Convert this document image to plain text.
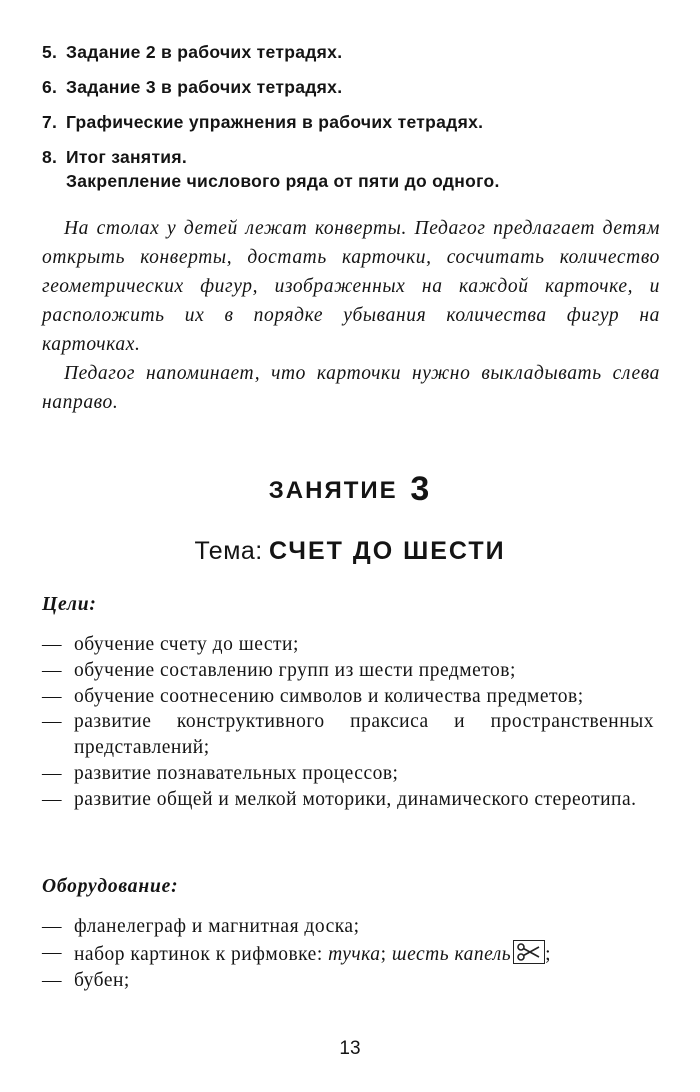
5. Задание 2 в рабочих тетрадях.
6. Задание 3 в рабочих тетрадях.
7. Графические упражнения в рабочих тетрадях.
8. Итог занятия.
Закрепление числового ряда от пяти до одного.

На столах у детей лежат конверты. Педагог предлагает детям открыть конверты, достать карточки, сосчитать количество геометрических фигур, изображенных на каждой карточке, и расположить их в порядке убывания количества фигур на карточках.

Педагог напоминает, что карточки нужно выкладывать слева направо.

ЗАНЯТИЕ 3
Тема: СЧЕТ ДО ШЕСТИ
Цели:
— обучение счету до шести;
— обучение составлению групп из шести предметов;
— обучение соотнесению символов и количества предметов;
— развитие конструктивного праксиса и пространственных представлений;
— развитие познавательных процессов;
— развитие общей и мелкой моторики, динамического стереотипа.
Оборудование:
— фланелеграф и магнитная доска;
— набор картинок к рифмовке: тучка; шесть капель ;
— бубен;
13
